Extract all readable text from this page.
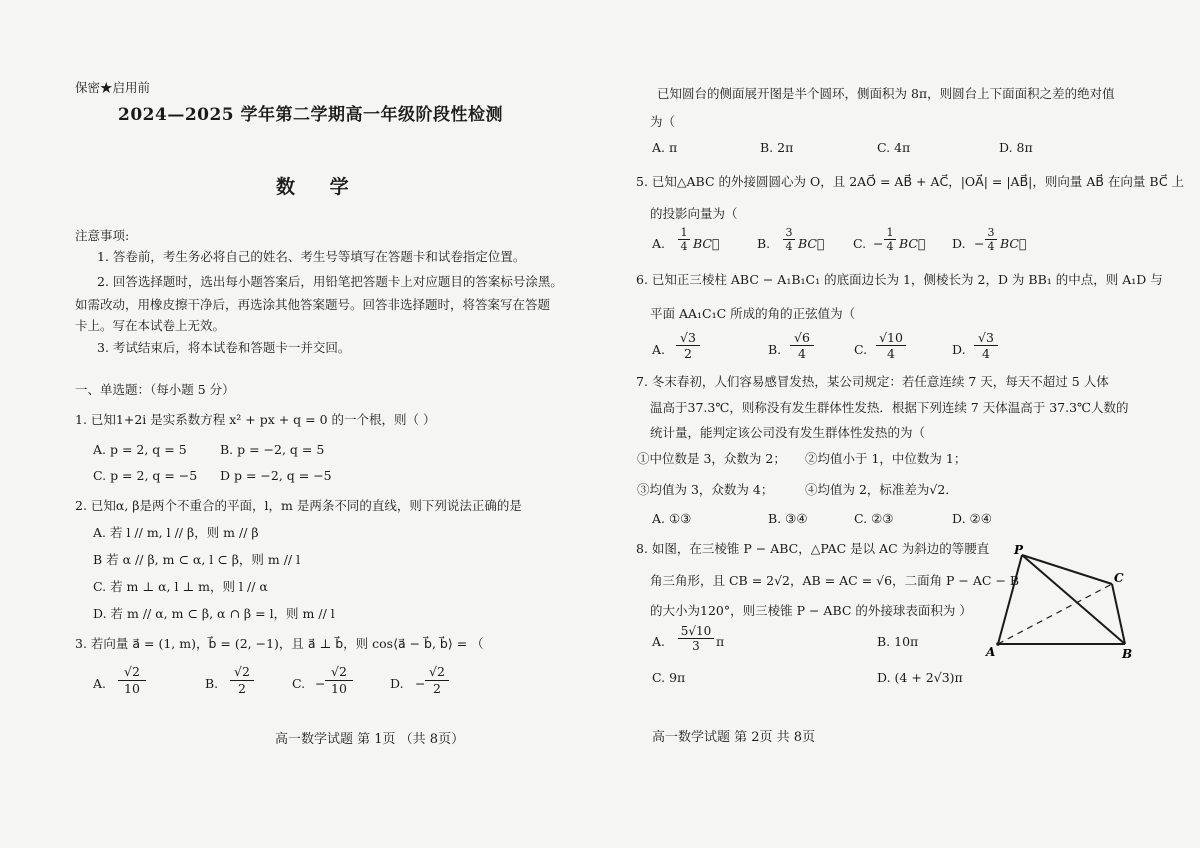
保密★启用前
2024—2025 学年第二学期高一年级阶段性检测
数 学
注意事项:
1. 答卷前，考生务必将自己的姓名、考生号等填写在答题卡和试卷指定位置。
2. 回答选择题时，选出每小题答案后，用铅笔把答题卡上对应题目的答案标号涂黑。
如需改动，用橡皮擦干净后，再选涂其他答案题号。回答非选择题时，将答案写在答题
卡上。写在本试卷上无效。
3. 考试结束后，将本试卷和答题卡一并交回。
一、单选题：（每小题 5 分）
1. 已知1+2i 是实系数方程 x² + px + q = 0 的一个根，则（ ）
A. p = 2, q = 5	B. p = −2, q = 5
C. p = 2, q = −5 D p = −2, q = −5
2. 已知α, β是两个不重合的平面，l，m 是两条不同的直线，则下列说法正确的是
A. 若 l // m, l // β，则 m // β
B 若 α // β, m ⊂ α, l ⊂ β，则 m // l
C. 若 m ⊥ α, l ⊥ m，则 l // α
D. 若 m // α, m ⊂ β, α ∩ β = l，则 m // l
3. 若向量 a⃗ = (1, m)，b⃗ = (2, −1)，且 a⃗ ⊥ b⃗，则 cos⟨a⃗ − b⃗, b⃗⟩ = （
A. $\frac{√2}{10}$	B. $\frac{√2}{2}$	C. − $\frac{√2}{10}$	D. − $\frac{√2}{2}$
高一数学试题 第 1页 （共 8页）
已知圆台的侧面展开图是半个圆环，侧面积为 8π，则圆台上下面面积之差的绝对值
为（
A. π	B. 2π	C. 4π	D. 8π
5. 已知△ABC 的外接圆圆心为 O，且 2AO⃗ = AB⃗ + AC⃗，|OA⃗| = |AB⃗|，则向量 AB⃗ 在向量 BC⃗ 上
的投影向量为（
A. $\frac{1}{4}$ BC⃗	B. $\frac{3}{4}$ BC⃗ C. − $\frac{1}{4}$ BC⃗ D. − $\frac{3}{4}$ BC⃗
6. 已知正三棱柱 ABC − A₁B₁C₁ 的底面边长为 1，侧棱长为 2，D 为 BB₁ 的中点，则 A₁D 与
平面 AA₁C₁C 所成的角的正弦值为（
A. $\frac{√3}{2}$	B. $\frac{√6}{4}$	C. $\frac{√10}{4}$	D. $\frac{√3}{4}$
7. 冬末春初，人们容易感冒发热，某公司规定：若任意连续 7 天，每天不超过 5 人体
温高于37.3℃，则称没有发生群体性发热．根据下列连续 7 天体温高于 37.3℃人数的
统计量，能判定该公司没有发生群体性发热的为（
①中位数是 3，众数为 2； ②均值小于 1，中位数为 1；
③均值为 3，众数为 4；	④均值为 2，标准差为√2．
A. ①③	B. ③④	C. ②③	D. ②④
8. 如图，在三棱锥 P − ABC，△PAC 是以 AC 为斜边的等腰直
角三角形，且 CB = 2√2，AB = AC = √6，二面角 P − AC − B
的大小为120°，则三棱锥 P − ABC 的外接球表面积为 ）
A. $\frac{5√10}{3}$ π	B. 10π
C. 9π	D. (4 + 2√3)π
P
C
A	B
高一数学试题 第 2页 共 8页
